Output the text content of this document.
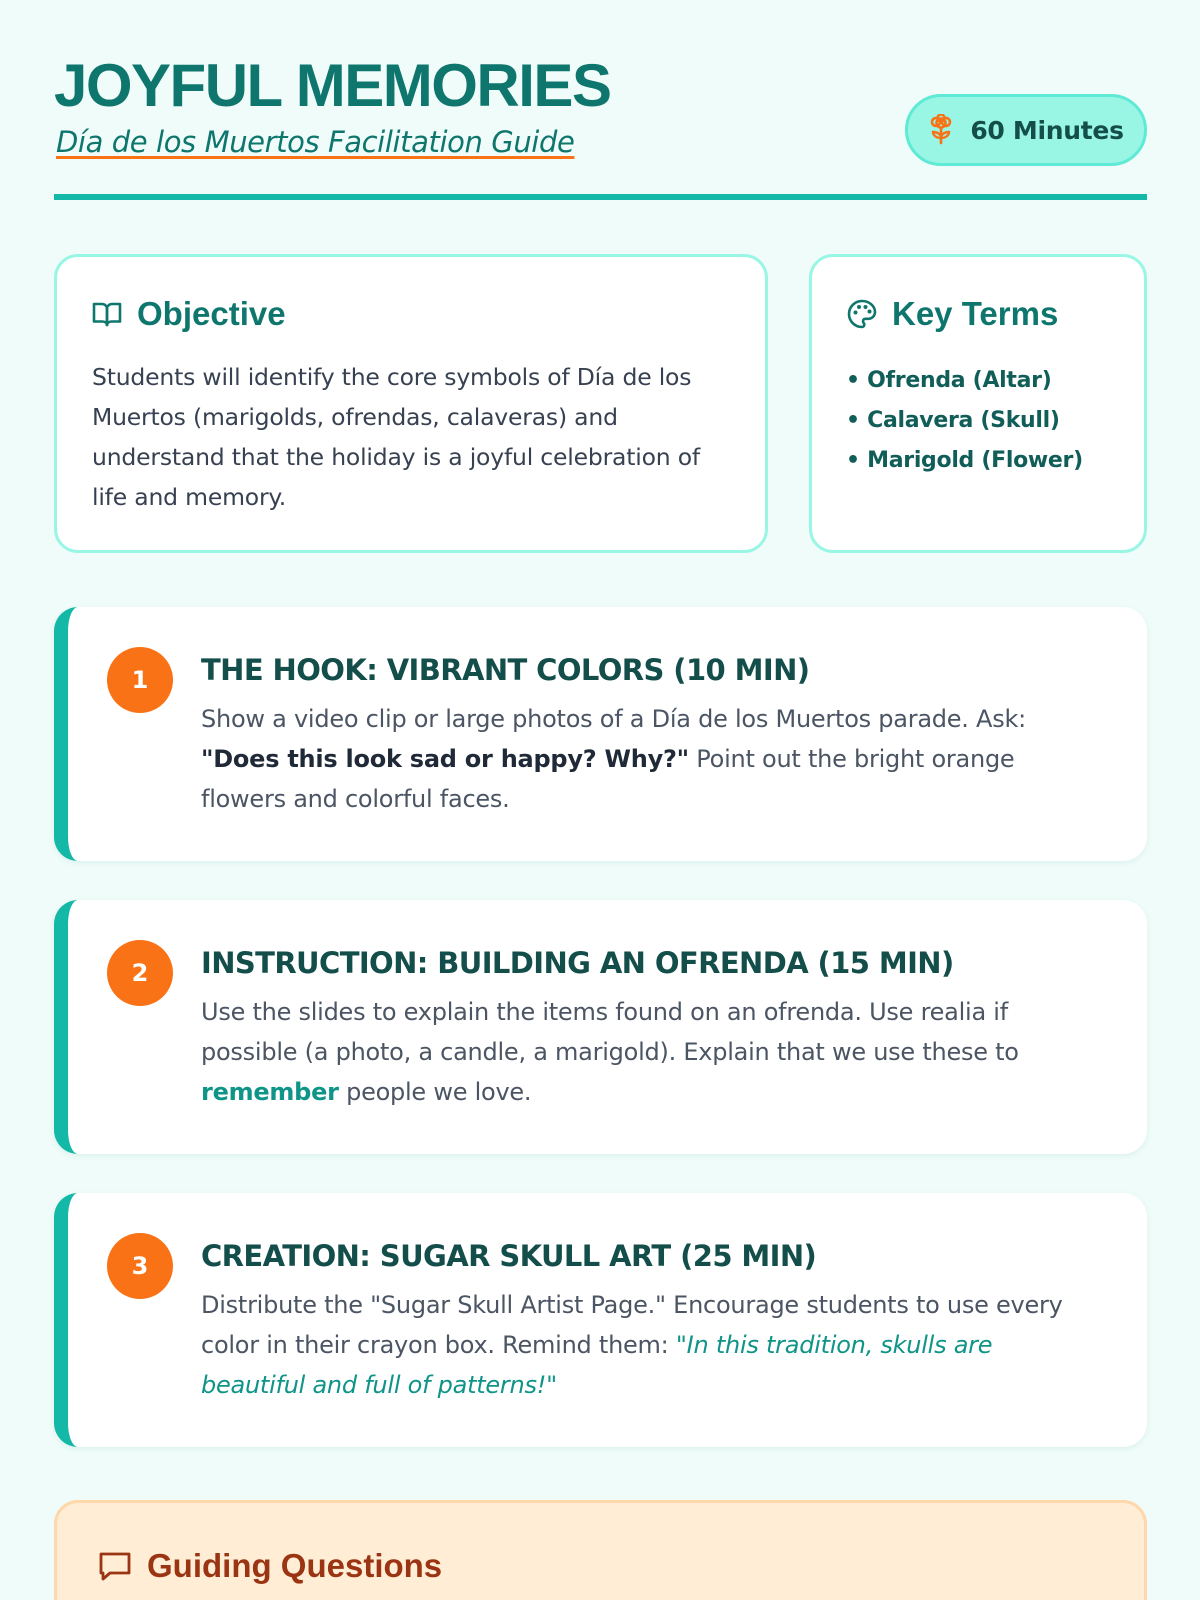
JOYFUL MEMORIES
Día de los Muertos Facilitation Guide	60 Minutes
Objective

Students will identify the core symbols of Día de los Muertos (marigolds, ofrendas, calaveras) and understand that the holiday is a joyful celebration of life and memory.

Key Terms
• Ofrenda (Altar)
• Calavera (Skull)
• Marigold (Flower)
1	THE HOOK: VIBRANT COLORS (10 MIN)

Show a video clip or large photos of a Día de los Muertos parade. Ask: "Does this look sad or happy? Why?" Point out the bright orange flowers and colorful faces.

2	INSTRUCTION: BUILDING AN OFRENDA (15 MIN)

Use the slides to explain the items found on an ofrenda. Use realia if possible (a photo, a candle, a marigold). Explain that we use these to remember people we love.

3	CREATION: SUGAR SKULL ART (25 MIN)

Distribute the "Sugar Skull Artist Page." Encourage students to use every color in their crayon box. Remind them: "In this tradition, skulls are beautiful and full of patterns!"

Guiding Questions
